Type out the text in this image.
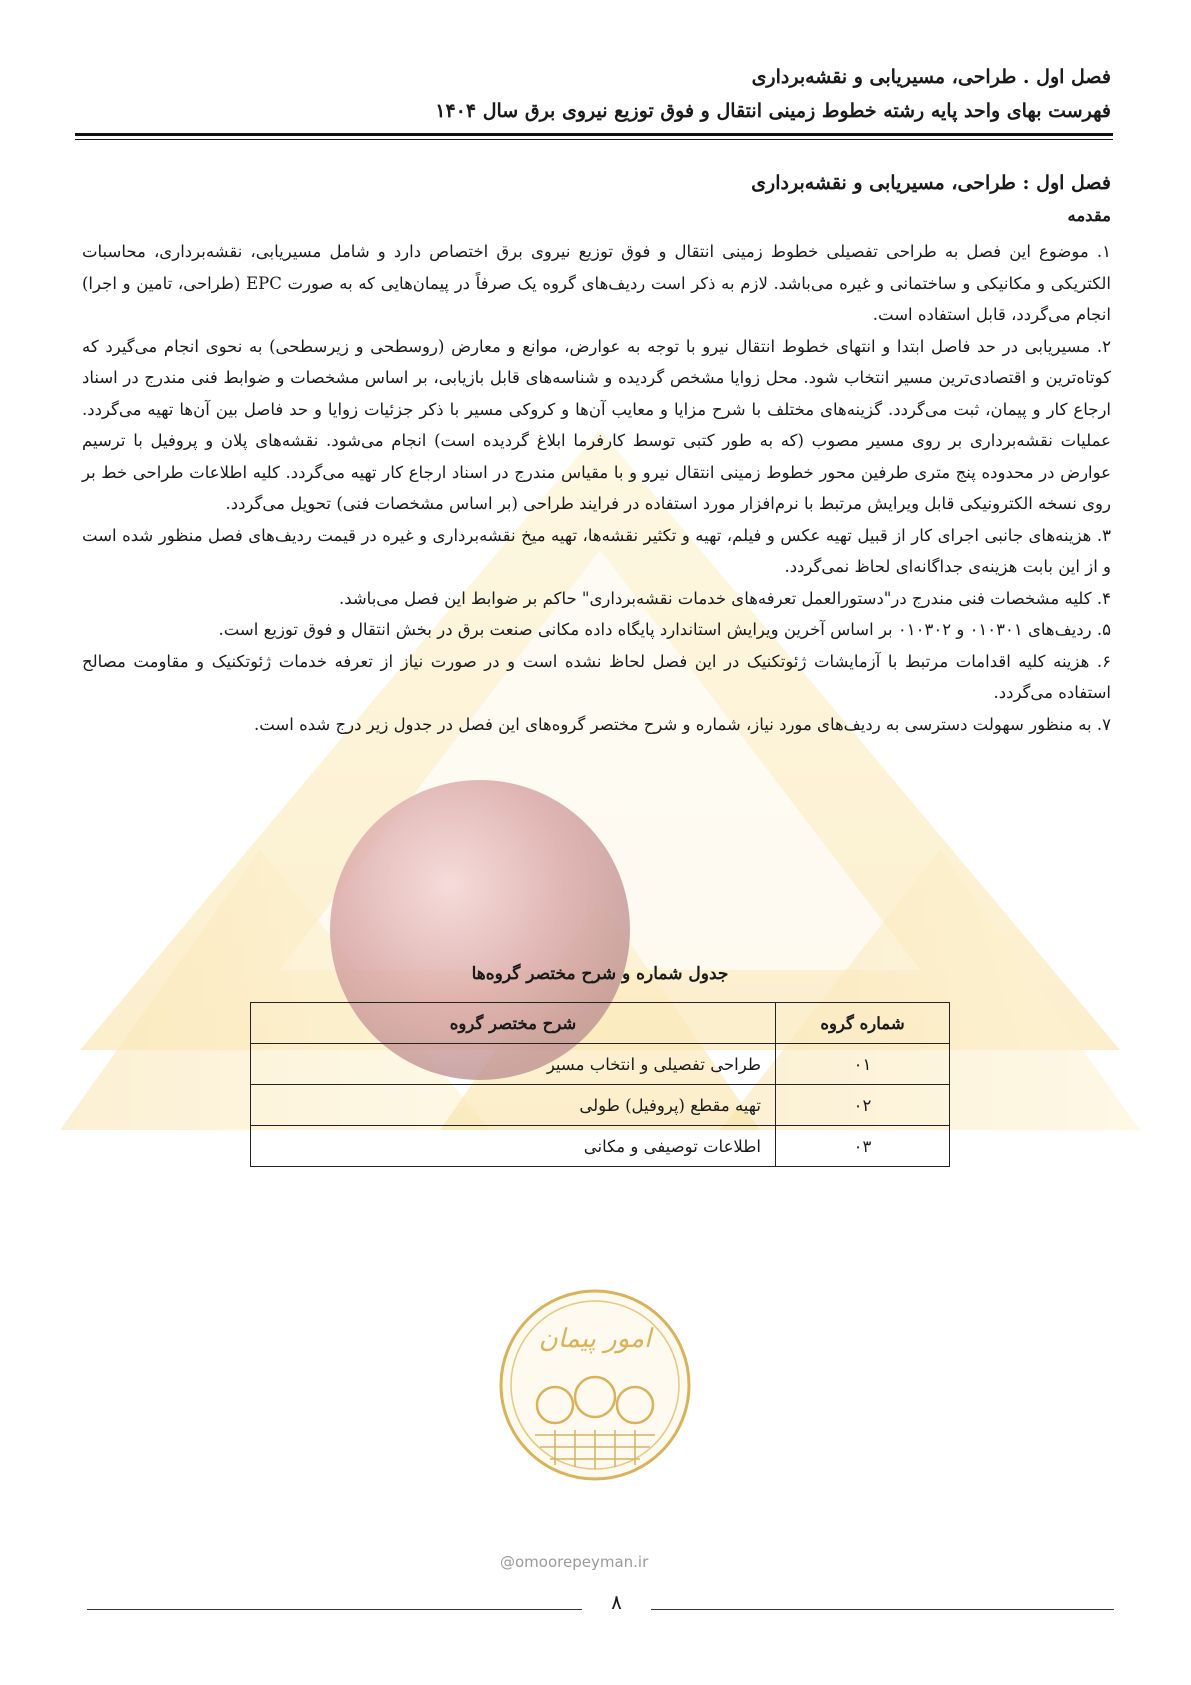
فصل اول . طراحی، مسیریابی و نقشه‌برداری
فهرست بهای واحد پایه رشته خطوط زمینی انتقال و فوق توزیع نیروی برق سال ۱۴۰۴

فصل اول : طراحی، مسیریابی و نقشه‌برداری

مقدمه

۱. موضوع این فصل به طراحی تفصیلی خطوط زمینی انتقال و فوق توزیع نیروی برق اختصاص دارد و شامل مسیریابی، نقشه‌برداری، محاسبات الکتریکی و مکانیکی و ساختمانی و غیره می‌باشد. لازم به ذکر است ردیف‌های گروه یک صرفاً در پیمان‌هایی که به صورت EPC (طراحی، تامین و اجرا) انجام می‌گردد، قابل استفاده است.

۲. مسیریابی در حد فاصل ابتدا و انتهای خطوط انتقال نیرو با توجه به عوارض، موانع و معارض (روسطحی و زیرسطحی) به نحوی انجام می‌گیرد که کوتاه‌ترین و اقتصادی‌ترین مسیر انتخاب شود. محل زوایا مشخص گردیده و شناسه‌های قابل بازیابی، بر اساس مشخصات و ضوابط فنی مندرج در اسناد ارجاع کار و پیمان، ثبت می‌گردد. گزینه‌های مختلف با شرح مزایا و معایب آن‌ها و کروکی مسیر با ذکر جزئیات زوایا و حد فاصل بین آن‌ها تهیه می‌گردد. عملیات نقشه‌برداری بر روی مسیر مصوب (که به طور کتبی توسط کارفرما ابلاغ گردیده است) انجام می‌شود. نقشه‌های پلان و پروفیل با ترسیم عوارض در محدوده پنج متری طرفین محور خطوط زمینی انتقال نیرو و با مقیاس مندرج در اسناد ارجاع کار تهیه می‌گردد. کلیه اطلاعات طراحی خط بر روی نسخه الکترونیکی قابل ویرایش مرتبط با نرم‌افزار مورد استفاده در فرایند طراحی (بر اساس مشخصات فنی) تحویل می‌گردد.

۳. هزینه‌های جانبی اجرای کار از قبیل تهیه عکس و فیلم، تهیه و تکثیر نقشه‌ها، تهیه میخ نقشه‌برداری و غیره در قیمت ردیف‌های فصل منظور شده است و از این بابت هزینه‌ی جداگانه‌ای لحاظ نمی‌گردد.

۴. کلیه مشخصات فنی مندرج در"دستورالعمل تعرفه‌های خدمات نقشه‌برداری" حاکم بر ضوابط این فصل می‌باشد.

۵. ردیف‌های ۰۱۰۳۰۱ و ۰۱۰۳۰۲ بر اساس آخرین ویرایش استاندارد پایگاه داده مکانی صنعت برق در بخش انتقال و فوق توزیع است.

۶. هزینه کلیه اقدامات مرتبط با آزمایشات ژئوتکنیک در این فصل لحاظ نشده است و در صورت نیاز از تعرفه خدمات ژئوتکنیک و مقاومت مصالح استفاده می‌گردد.

۷. به منظور سهولت دسترسی به ردیف‌های مورد نیاز، شماره و شرح مختصر گروه‌های این فصل در جدول زیر درج شده است.

جدول شماره و شرح مختصر گروه‌ها
شماره گروه	شرح مختصر گروه
۰۱	طراحی تفصیلی و انتخاب مسیر
۰۲	تهیه مقطع (پروفیل) طولی
۰۳	اطلاعات توصیفی و مکانی
امور پیمان
@omoorepeyman.ir
۸
